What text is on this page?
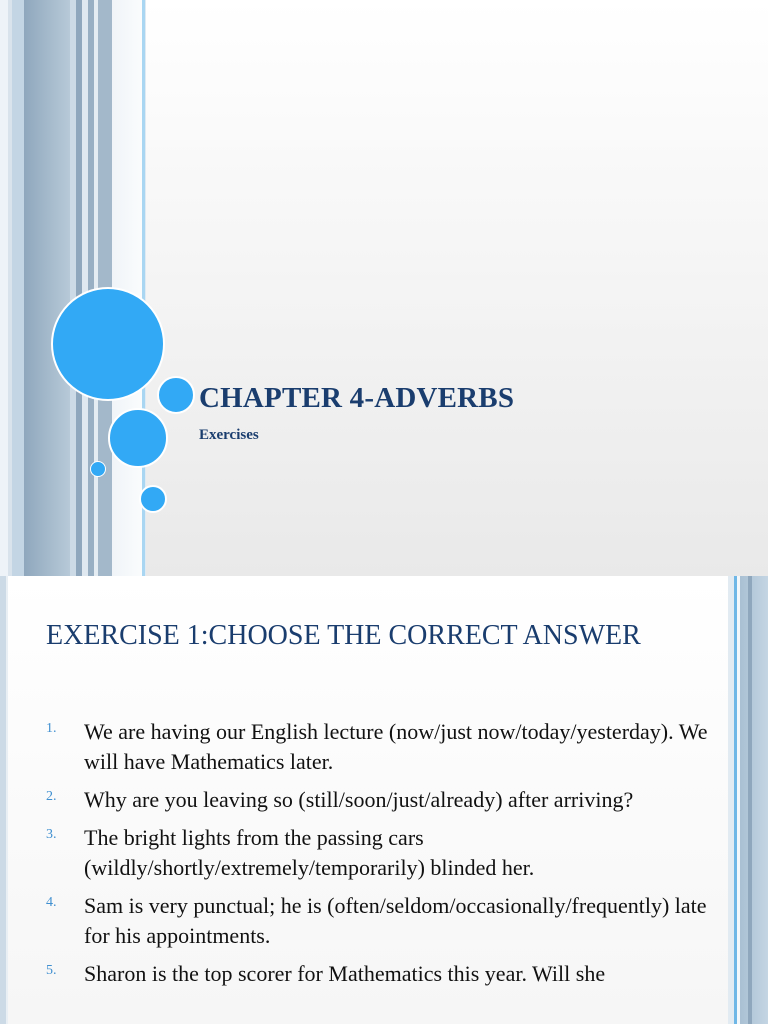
CHAPTER 4-ADVERBS
Exercises
EXERCISE 1:CHOOSE THE CORRECT ANSWER
1. We are having our English lecture (now/just now/today/yesterday). We will have Mathematics later.
2. Why are you leaving so (still/soon/just/already) after arriving?
3. The bright lights from the passing cars (wildly/shortly/extremely/temporarily) blinded her.
4. Sam is very punctual; he is (often/seldom/occasionally/frequently) late for his appointments.
5. Sharon is the top scorer for Mathematics this year. Will she
